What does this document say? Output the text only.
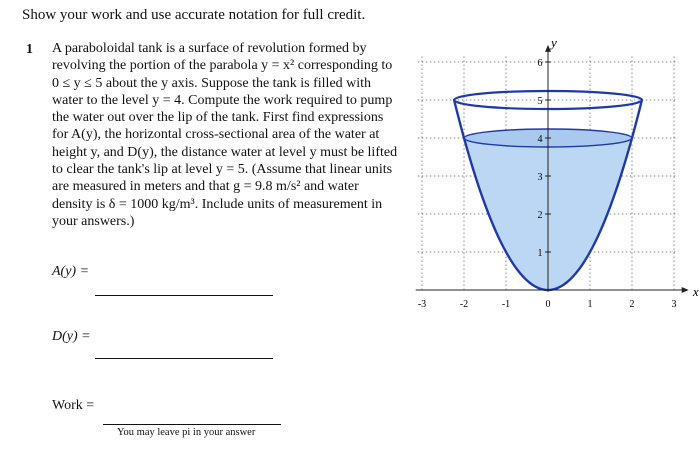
Show your work and use accurate notation for full credit.
1 A paraboloidal tank is a surface of revolution formed by

revolving the portion of the parabola y = x² corresponding to

0 ≤ y ≤ 5 about the y axis. Suppose the tank is filled with

water to the level y = 4. Compute the work required to pump

the water out over the lip of the tank. First find expressions

for A(y), the horizontal cross-sectional area of the water at

height y, and D(y), the distance water at level y must be lifted

to clear the tank's lip at level y = 5. (Assume that linear units

are measured in meters and that g = 9.8 m/s² and water

density is δ = 1000 kg/m³. Include units of measurement in

your answers.)

A(y) =
D(y) =
Work =
You may leave pi in your answer
-3	-2	-1	0	1	2	3
1
2
3
4
5
6
x
y
